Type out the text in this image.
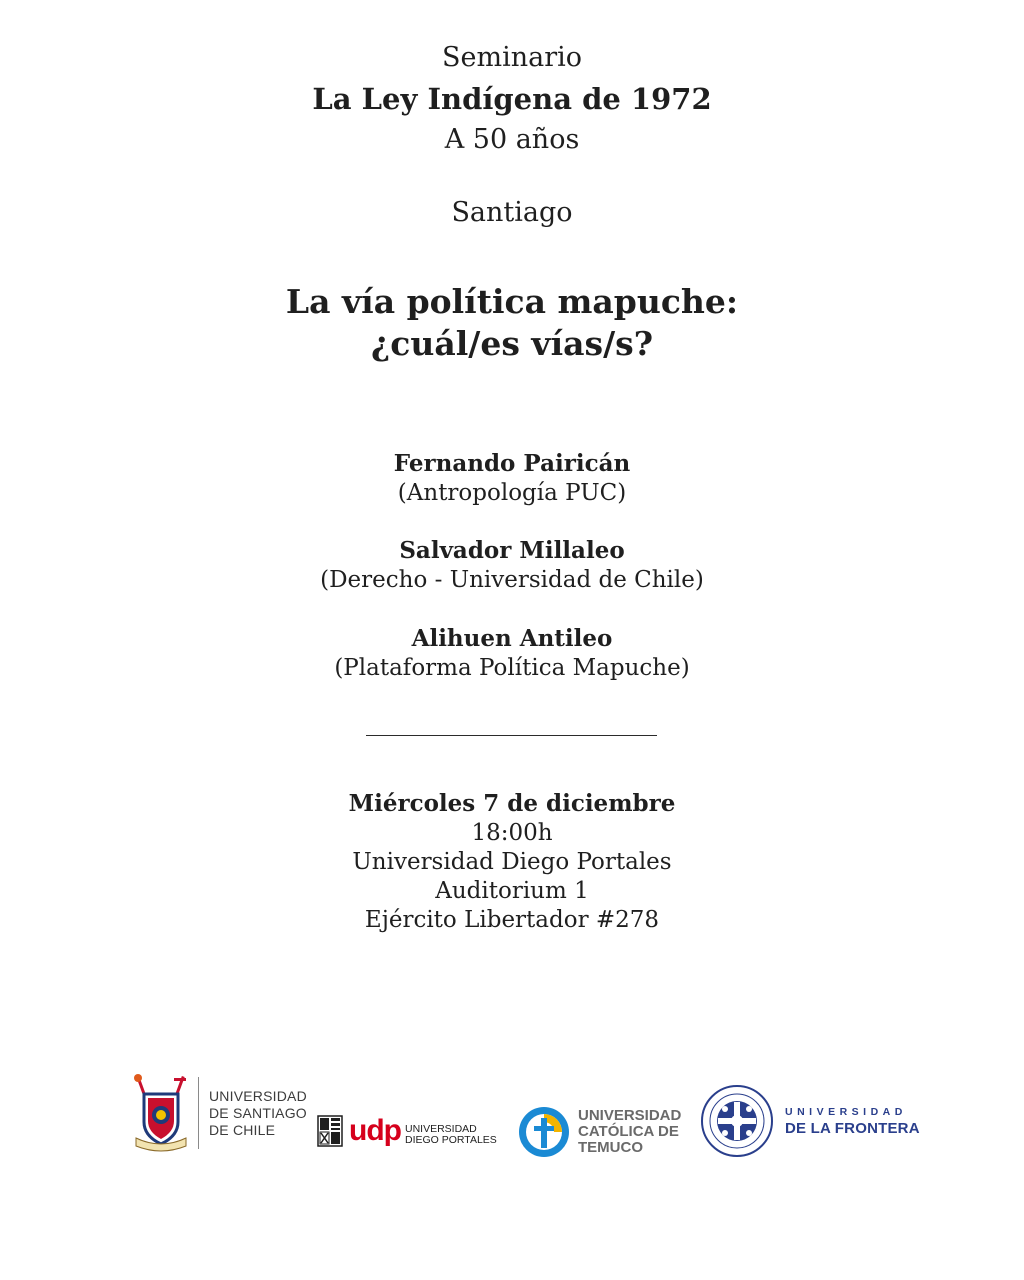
Seminario
La Ley Indígena de 1972
A 50 años
Santiago
La vía política mapuche:
¿cuál/es vías/s?
Fernando Pairicán
(Antropología PUC)
Salvador Millaleo
(Derecho - Universidad de Chile)
Alihuen Antileo
(Plataforma Política Mapuche)
Miércoles 7 de diciembre
18:00h
Universidad Diego Portales
Auditorium 1
Ejército Libertador #278
UNIVERSIDAD
DE SANTIAGO
DE CHILE	udp UNIVERSIDAD
DIEGO PORTALES
UNIVERSIDAD
CATÓLICA DE
TEMUCO
UNIVERSIDAD
DE LA FRONTERA
